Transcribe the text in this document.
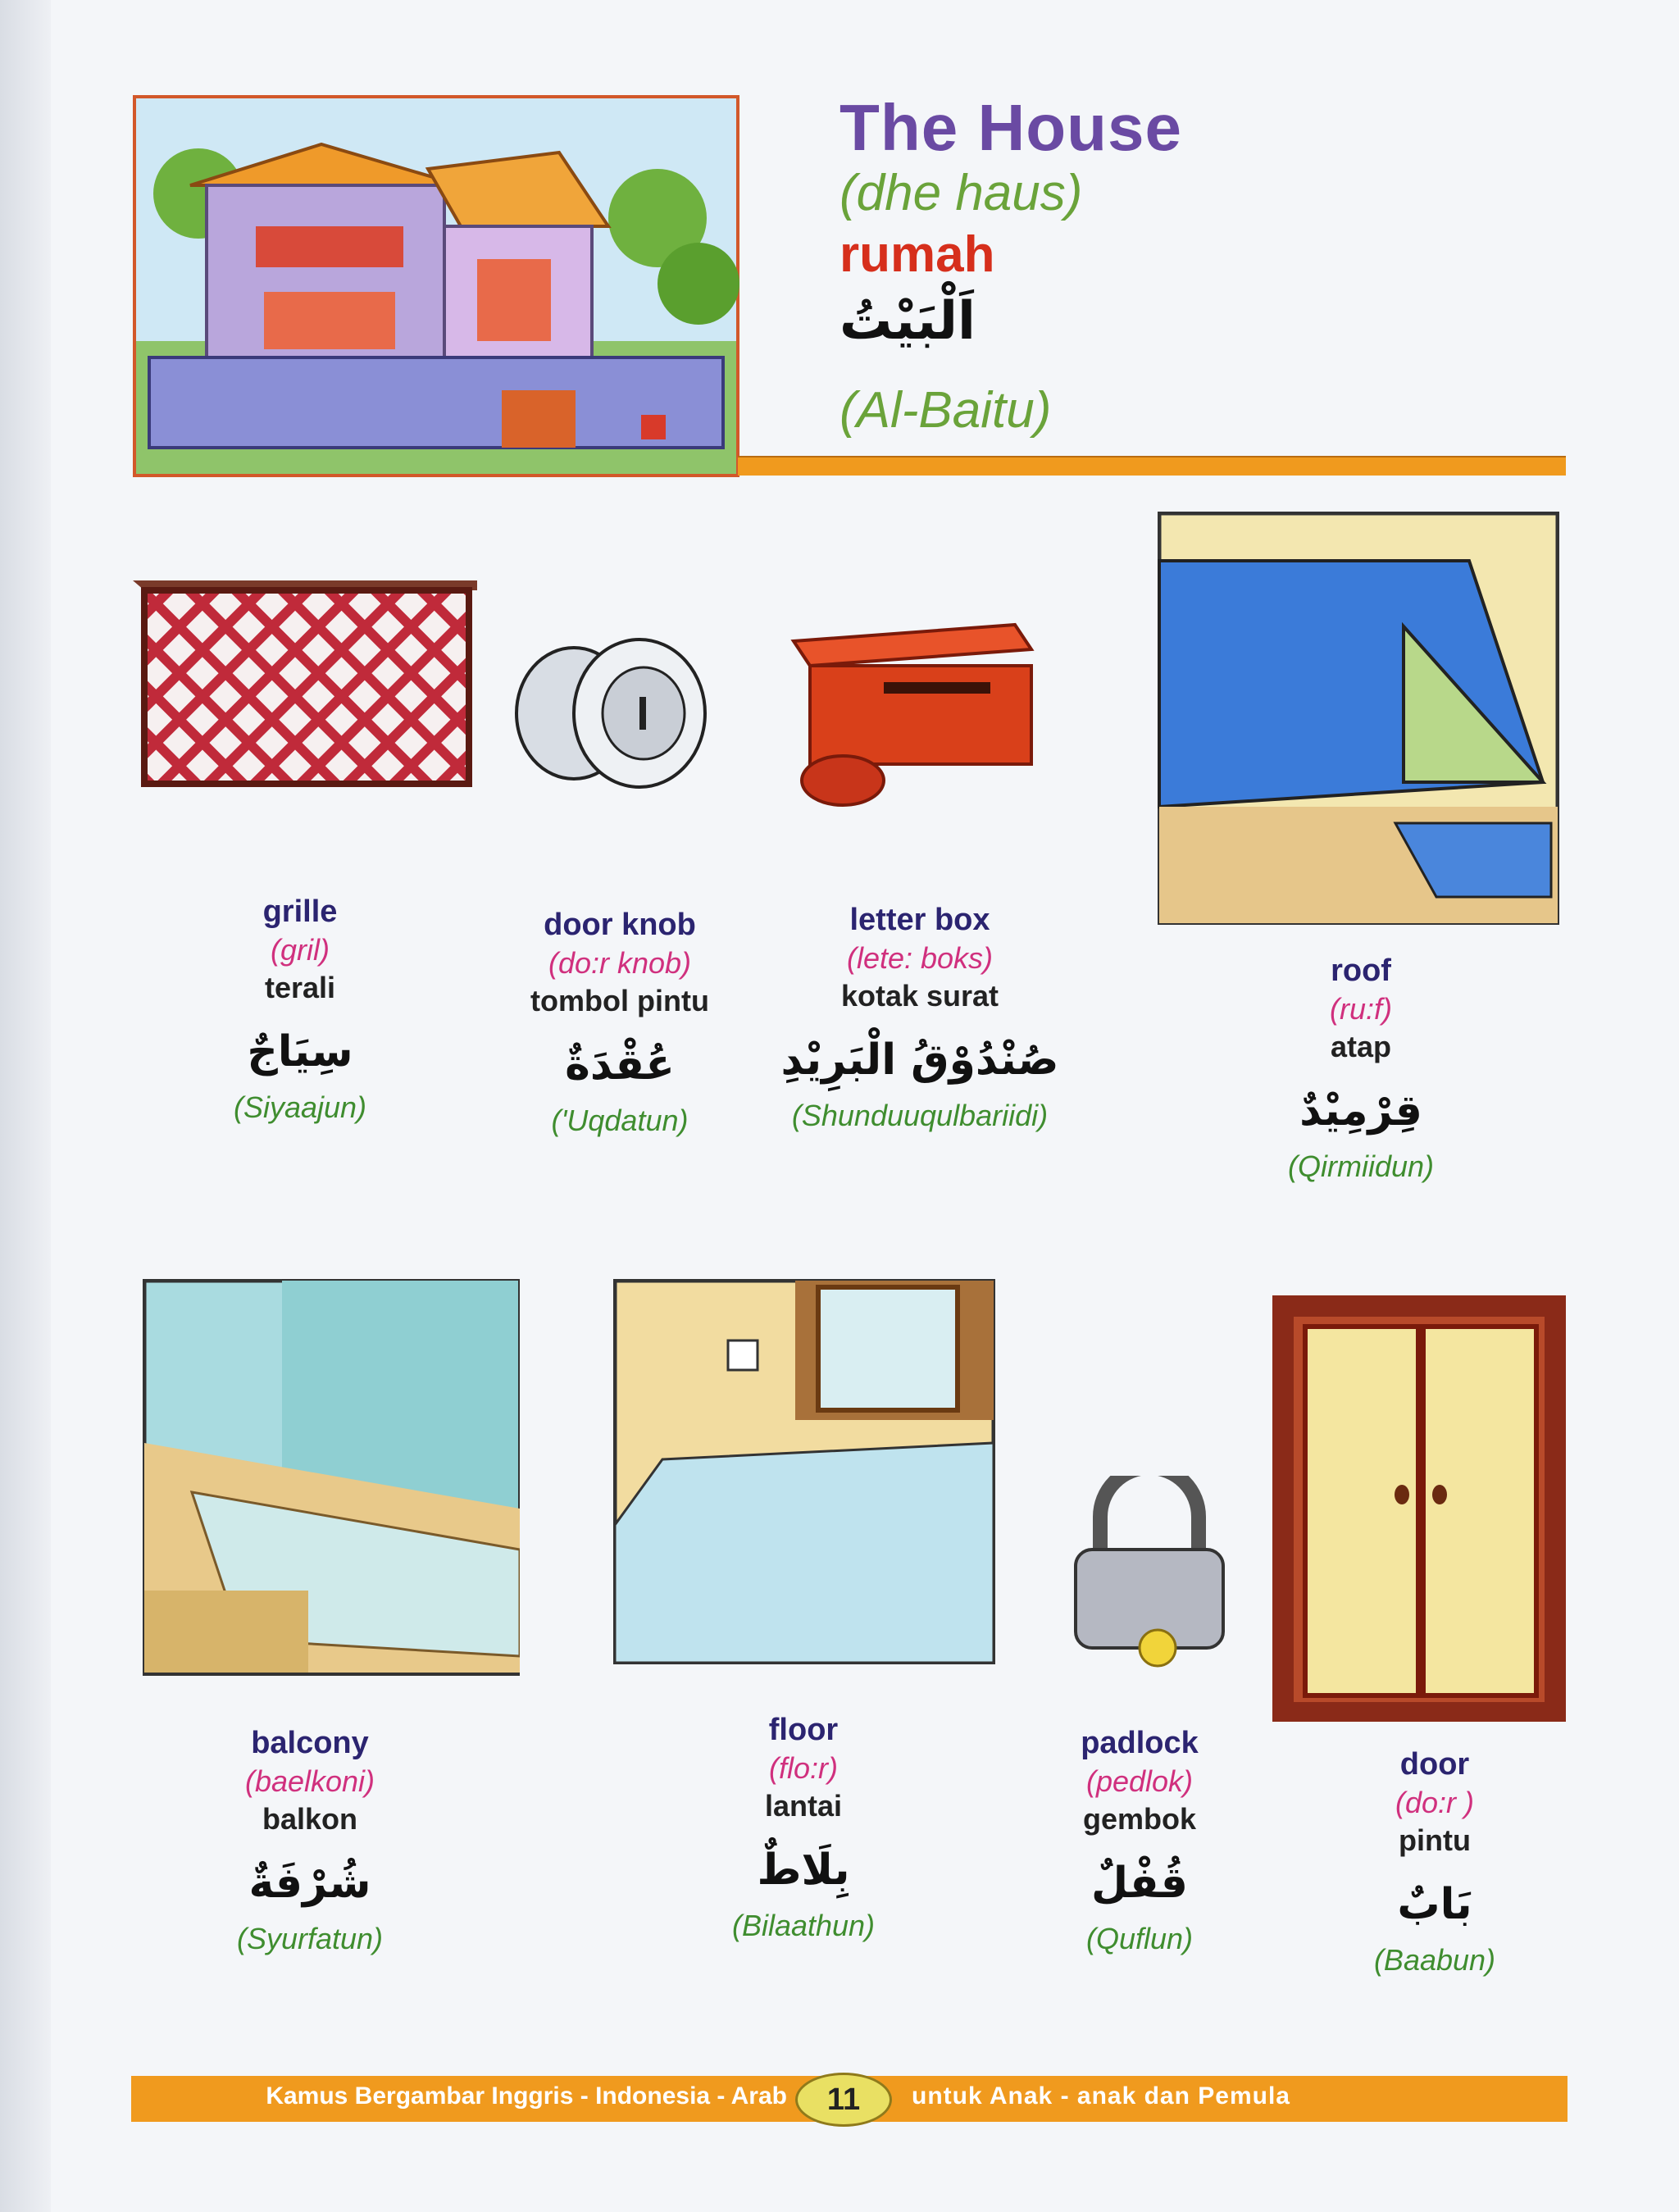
The House
(dhe haus)
rumah
اَلْبَيْتُ
(Al-Baitu)
grille
(gril)
terali
سِيَاجٌ
(Siyaajun)
door knob
(do:r knob)
tombol pintu
عُقْدَةٌ
('Uqdatun)
letter box
(lete: boks)
kotak surat
صُنْدُوْقُ الْبَرِيْدِ
(Shunduuqulbariidi)
roof
(ru:f)
atap
قِرْمِيْدٌ
(Qirmiidun)
balcony
(baelkoni)
balkon
شُرْفَةٌ
(Syurfatun)
floor
(flo:r)
lantai
بِلَاطٌ
(Bilaathun)
padlock
(pedlok)
gembok
قُفْلٌ
(Quflun)
door
(do:r )
pintu
بَابٌ
(Baabun)
Kamus Bergambar Inggris - Indonesia - Arab	11	untuk Anak - anak dan Pemula
